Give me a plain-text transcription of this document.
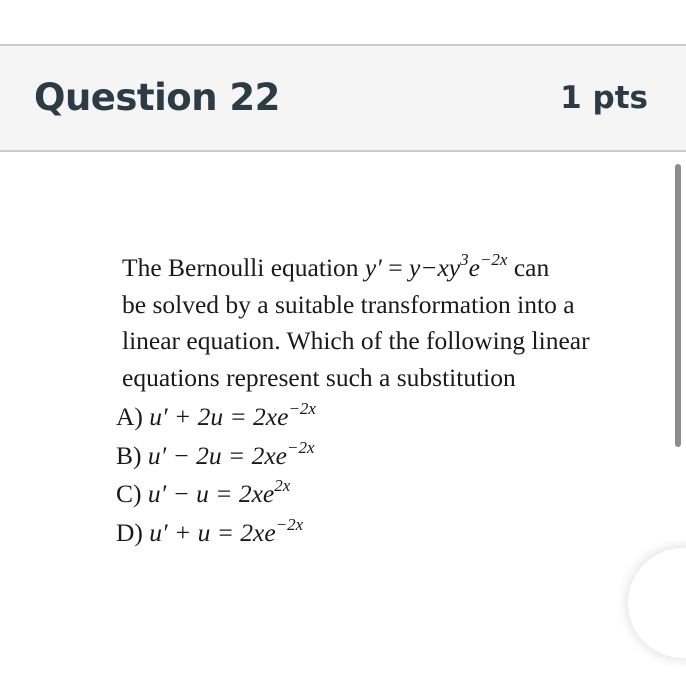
Question 22	1 pts
The Bernoulli equation $y' = y-xy^3e^{-2x}$ can
be solved by a suitable transformation into a
linear equation. Which of the following linear
equations represent such a substitution
A) $u' + 2u = 2xe^{-2x}$
B) $u' - 2u = 2xe^{-2x}$
C) $u' - u = 2xe^{2x}$
D) $u' + u = 2xe^{-2x}$
